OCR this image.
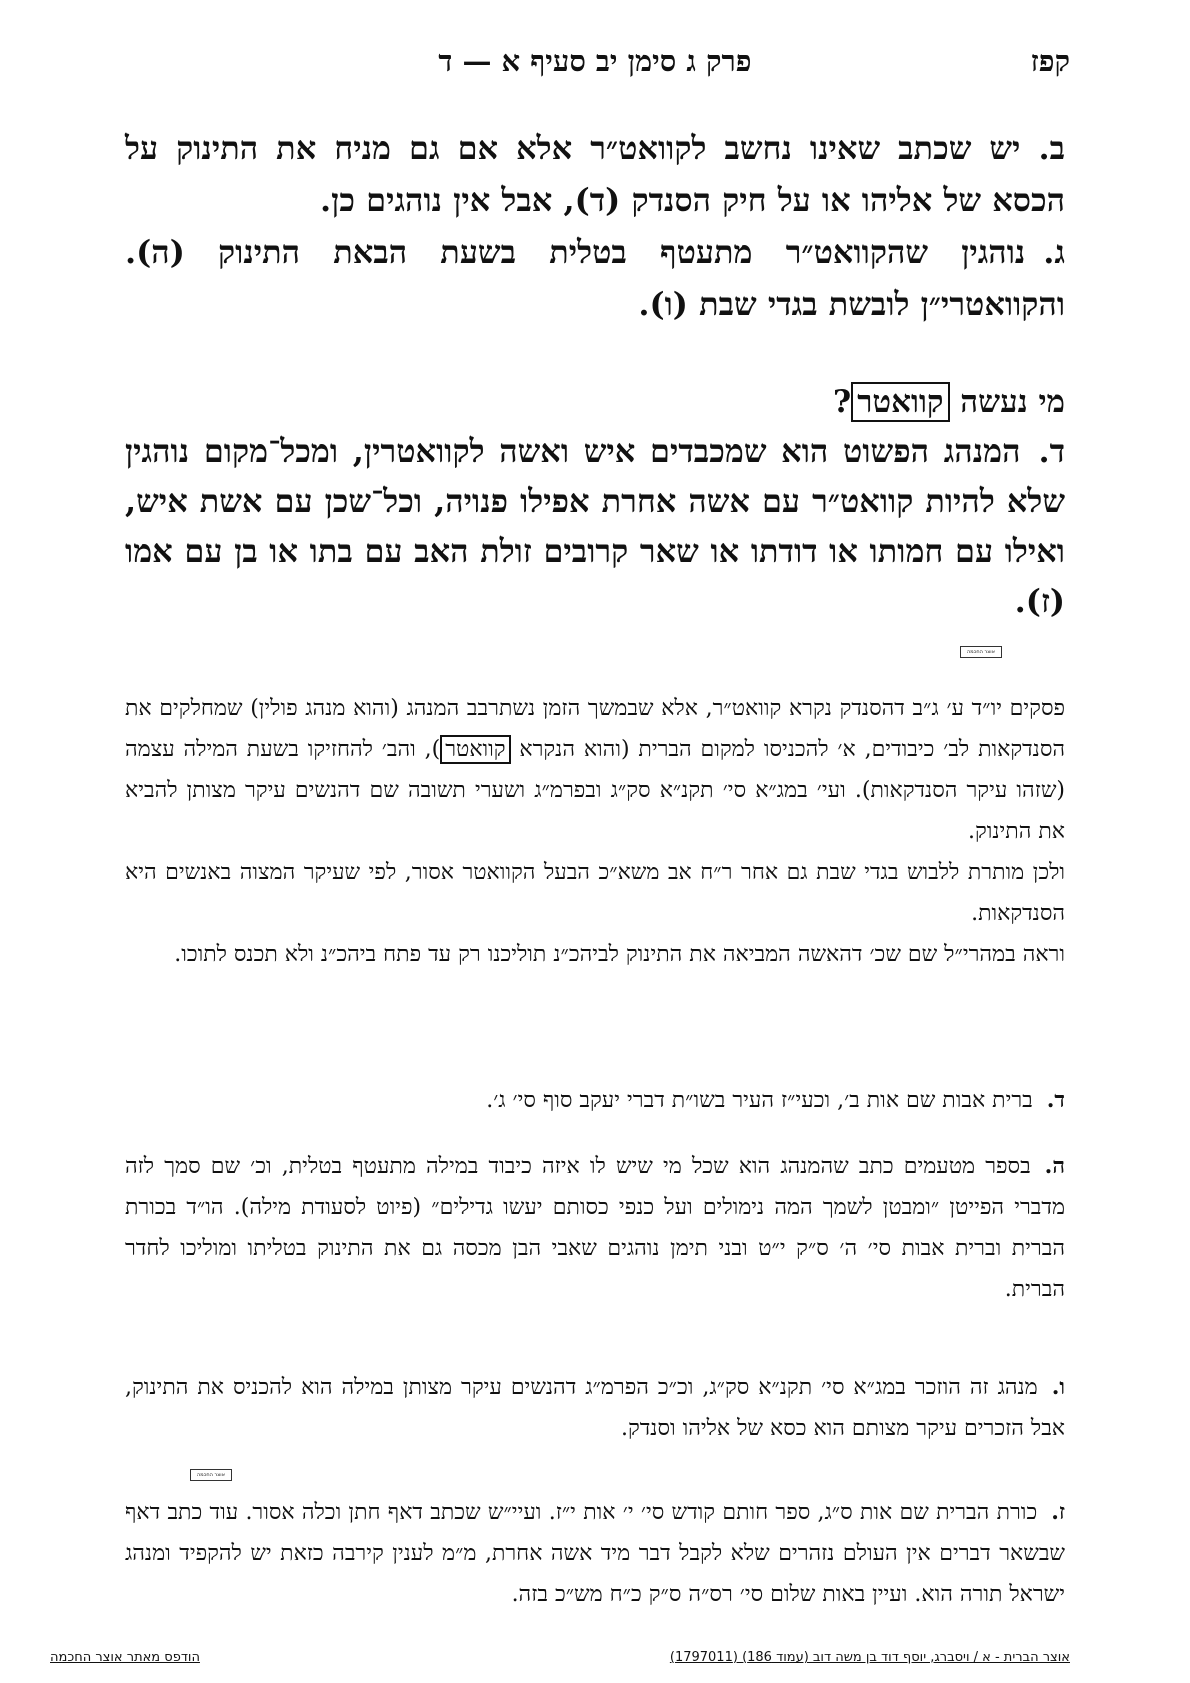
קפז
פרק ג סימן יב סעיף א — ד
ב.יש שכתב שאינו נחשב לקוואט״ר אלא אם גם מניח את התינוק על הכסא של אליהו או על חיק הסנדק (ד), אבל אין נוהגים כן.
ג.נוהגין שהקוואט״ר מתעטף בטלית בשעת הבאת התינוק (ה). והקוואטרי״ן לובשת בגדי שבת (ו).
מי נעשה קוואטר?
ד.המנהג הפשוט הוא שמכבדים איש ואשה לקוואטרין, ומכל־מקום נוהגין שלא להיות קוואט״ר עם אשה אחרת אפילו פנויה, וכל־שכן עם אשת איש, ואילו עם חמותו או דודתו או שאר קרובים זולת האב עם בתו או בן עם אמו (ז).
אוצר החכמה

פסקים יו״ד ע׳ ג״ב דהסנדק נקרא קוואט״ר, אלא שבמשך הזמן נשתרבב המנהג (והוא מנהג פולין) שמחלקים את הסנדקאות לב׳ כיבודים, א׳ להכניסו למקום הברית (והוא הנקרא קוואטר), והב׳ להחזיקו בשעת המילה עצמה (שזהו עיקר הסנדקאות). ועי׳ במג״א סי׳ תקנ״א סק״ג ובפרמ״ג ושערי תשובה שם דהנשים עיקר מצותן להביא את התינוק.

ולכן מותרת ללבוש בגדי שבת גם אחר ר״ח אב משא״כ הבעל הקוואטר אסור, לפי שעיקר המצוה באנשים היא הסנדקאות.

וראה במהרי״ל שם שכ׳ דהאשה המביאה את התינוק לביהכ״נ תוליכנו רק עד פתח ביהכ״נ ולא תכנס לתוכו.

ד.ברית אבות שם אות ב׳, וכעי״ז העיר בשו״ת דברי יעקב סוף סי׳ ג׳.
ה.בספר מטעמים כתב שהמנהג הוא שכל מי שיש לו איזה כיבוד במילה מתעטף בטלית, וכ׳ שם סמך לזה מדברי הפייטן ״ומבטן לשמך המה נימולים ועל כנפי כסותם יעשו גדילים״ (פיוט לסעודת מילה). הו״ד בכורת הברית וברית אבות סי׳ ה׳ ס״ק י״ט ובני תימן נוהגים שאבי הבן מכסה גם את התינוק בטליתו ומוליכו לחדר הברית.
ו.מנהג זה הוזכר במג״א סי׳ תקנ״א סק״ג, וכ״כ הפרמ״ג דהנשים עיקר מצותן במילה הוא להכניס את התינוק, אבל הזכרים עיקר מצותם הוא כסא של אליהו וסנדק.
אוצר החכמה
ז.כורת הברית שם אות ס״ג, ספר חותם קודש סי׳ י׳ אות י״ז. ועיי״ש שכתב דאף חתן וכלה אסור. עוד כתב דאף שבשאר דברים אין העולם נזהרים שלא לקבל דבר מיד אשה אחרת, מ״מ לענין קירבה כזאת יש להקפיד ומנהג ישראל תורה הוא. ועיין באות שלום סי׳ רס״ה ס״ק כ״ח מש״כ בזה.
אוצר הברית - א / ויסברג, יוסף דוד בן משה דוב (עמוד 186) (1797011)
הודפס מאתר אוצר החכמה
